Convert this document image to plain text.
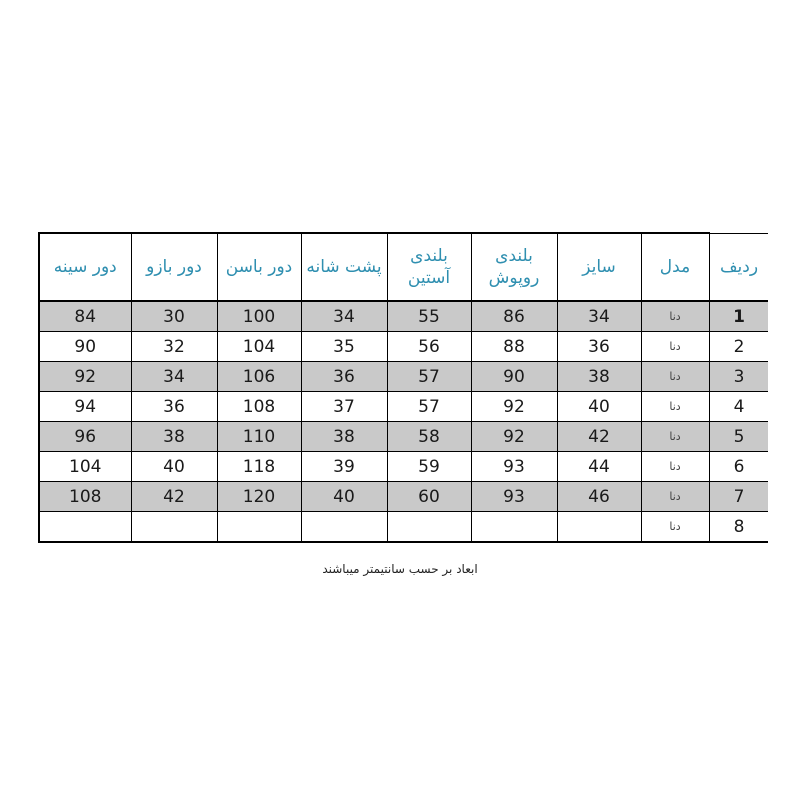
ردیف	مدل	سایز	بلندی روپوش	بلندی آستین	پشت شانه	دور باسن	دور بازو	دور سینه
1	دنا	34	86	55	34	100	30	84
2	دنا	36	88	56	35	104	32	90
3	دنا	38	90	57	36	106	34	92
4	دنا	40	92	57	37	108	36	94
5	دنا	42	92	58	38	110	38	96
6	دنا	44	93	59	39	118	40	104
7	دنا	46	93	60	40	120	42	108
8	دنا							
ابعاد بر حسب سانتیمتر میباشند
